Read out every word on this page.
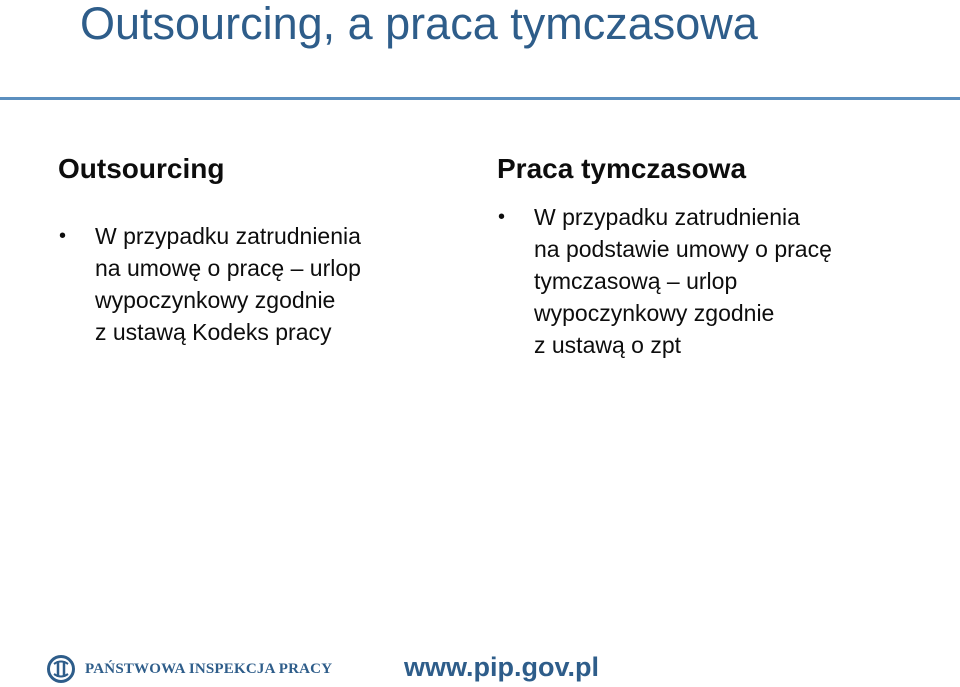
Outsourcing, a praca tymczasowa
Outsourcing
• W przypadku zatrudnienia
na umowę o pracę – urlop
wypoczynkowy zgodnie
z ustawą Kodeks pracy
Praca tymczasowa
• W przypadku zatrudnienia
na podstawie umowy o pracę
tymczasową – urlop
wypoczynkowy zgodnie
z ustawą o zpt
PAŃSTWOWA INSPEKCJA PRACY	www.pip.gov.pl
